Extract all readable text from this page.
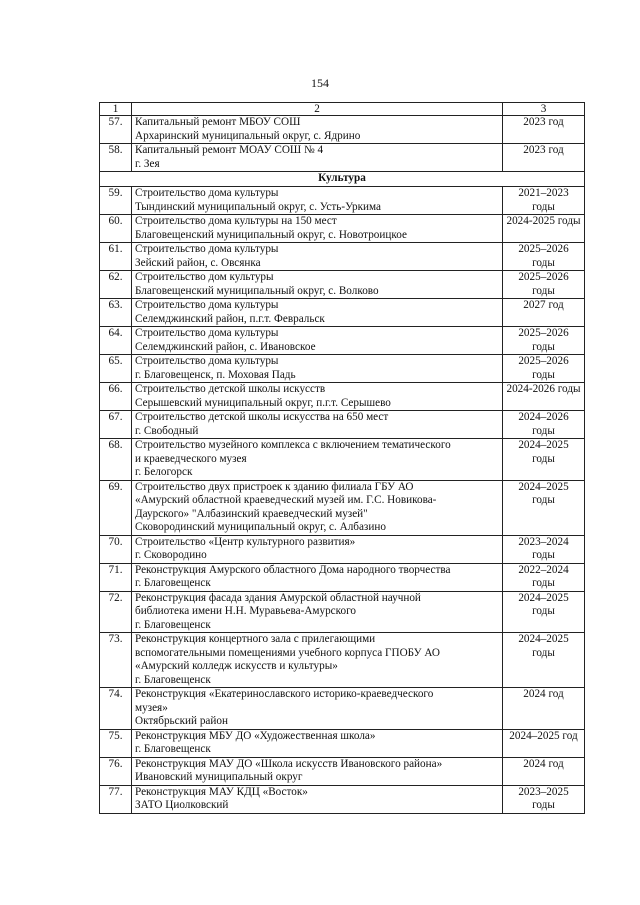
154
1	2	3
57.	Капитальный ремонт МБОУ СОШ
Архаринский муниципальный округ, с. Ядрино	2023 год
58.	Капитальный ремонт МОАУ СОШ № 4
г. Зея	2023 год
Культура		
59.	Строительство дома культуры
Тындинский муниципальный округ, с. Усть-Уркима	2021–2023 годы
60.	Строительство дома культуры на 150 мест
Благовещенский муниципальный округ, с. Новотроицкое	2024-2025 годы
61.	Строительство дома культуры
Зейский район, с. Овсянка	2025–2026 годы
62.	Строительство дом культуры
Благовещенский муниципальный округ, с. Волково	2025–2026 годы
63.	Строительство дома культуры
Селемджинский район, п.г.т. Февральск	2027 год
64.	Строительство дома культуры
Селемджинский район, с. Ивановское	2025–2026 годы
65.	Строительство дома культуры
г. Благовещенск, п. Моховая Падь	2025–2026 годы
66.	Строительство детской школы искусств
Серышевский муниципальный округ, п.г.т. Серышево	2024-2026 годы
67.	Строительство детской школы искусства на 650 мест
г. Свободный	2024–2026 годы
68.	Строительство музейного комплекса с включением тематического
и краеведческого музея
г. Белогорск	2024–2025 годы
69.	Строительство двух пристроек к зданию филиала ГБУ АО
«Амурский областной краеведческий музей им. Г.С. Новикова-
Даурского» "Албазинский краеведческий музей"
Сковородинский муниципальный округ, с. Албазино	2024–2025 годы
70.	Строительство «Центр культурного развития»
г. Сковородино	2023–2024 годы
71.	Реконструкция Амурского областного Дома народного творчества
г. Благовещенск	2022–2024 годы
72.	Реконструкция фасада здания Амурской областной научной
библиотека имени Н.Н. Муравьева-Амурского
г. Благовещенск	2024–2025 годы
73.	Реконструкция концертного зала с прилегающими
вспомогательными помещениями учебного корпуса ГПОБУ АО
«Амурский колледж искусств и культуры»
г. Благовещенск	2024–2025 годы
74.	Реконструкция «Екатеринославского историко-краеведческого
музея»
Октябрьский район	2024 год
75.	Реконструкция МБУ ДО «Художественная школа»
г. Благовещенск	2024–2025 год
76.	Реконструкция МАУ ДО «Школа искусств Ивановского района»
Ивановский муниципальный округ	2024 год
77.	Реконструкция МАУ КДЦ «Восток»
ЗАТО Циолковский	2023–2025 годы
